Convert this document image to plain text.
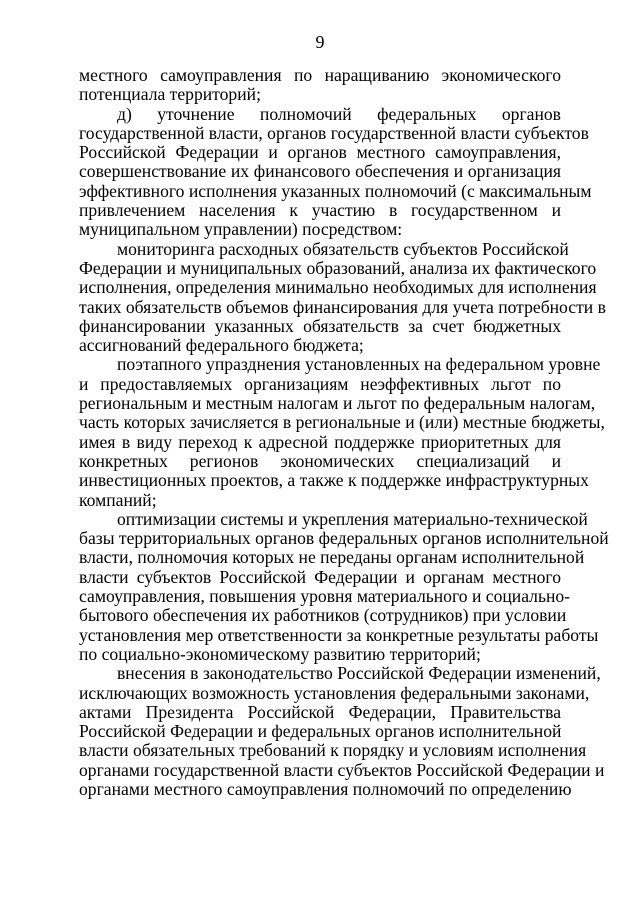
9
местного самоуправления по наращиванию экономического
потенциала территорий;
д) уточнение полномочий федеральных органов
государственной власти, органов государственной власти субъектов
Российской Федерации и органов местного самоуправления,
совершенствование их финансового обеспечения и организация
эффективного исполнения указанных полномочий (с максимальным
привлечением населения к участию в государственном и
муниципальном управлении) посредством:
мониторинга расходных обязательств субъектов Российской
Федерации и муниципальных образований, анализа их фактического
исполнения, определения минимально необходимых для исполнения
таких обязательств объемов финансирования для учета потребности в
финансировании указанных обязательств за счет бюджетных
ассигнований федерального бюджета;
поэтапного упразднения установленных на федеральном уровне
и предоставляемых организациям неэффективных льгот по
региональным и местным налогам и льгот по федеральным налогам,
часть которых зачисляется в региональные и (или) местные бюджеты,
имея в виду переход к адресной поддержке приоритетных для
конкретных регионов экономических специализаций и
инвестиционных проектов, а также к поддержке инфраструктурных
компаний;
оптимизации системы и укрепления материально-технической
базы территориальных органов федеральных органов исполнительной
власти, полномочия которых не переданы органам исполнительной
власти субъектов Российской Федерации и органам местного
самоуправления, повышения уровня материального и социально-
бытового обеспечения их работников (сотрудников) при условии
установления мер ответственности за конкретные результаты работы
по социально-экономическому развитию территорий;
внесения в законодательство Российской Федерации изменений,
исключающих возможность установления федеральными законами,
актами Президента Российской Федерации, Правительства
Российской Федерации и федеральных органов исполнительной
власти обязательных требований к порядку и условиям исполнения
органами государственной власти субъектов Российской Федерации и
органами местного самоуправления полномочий по определению
